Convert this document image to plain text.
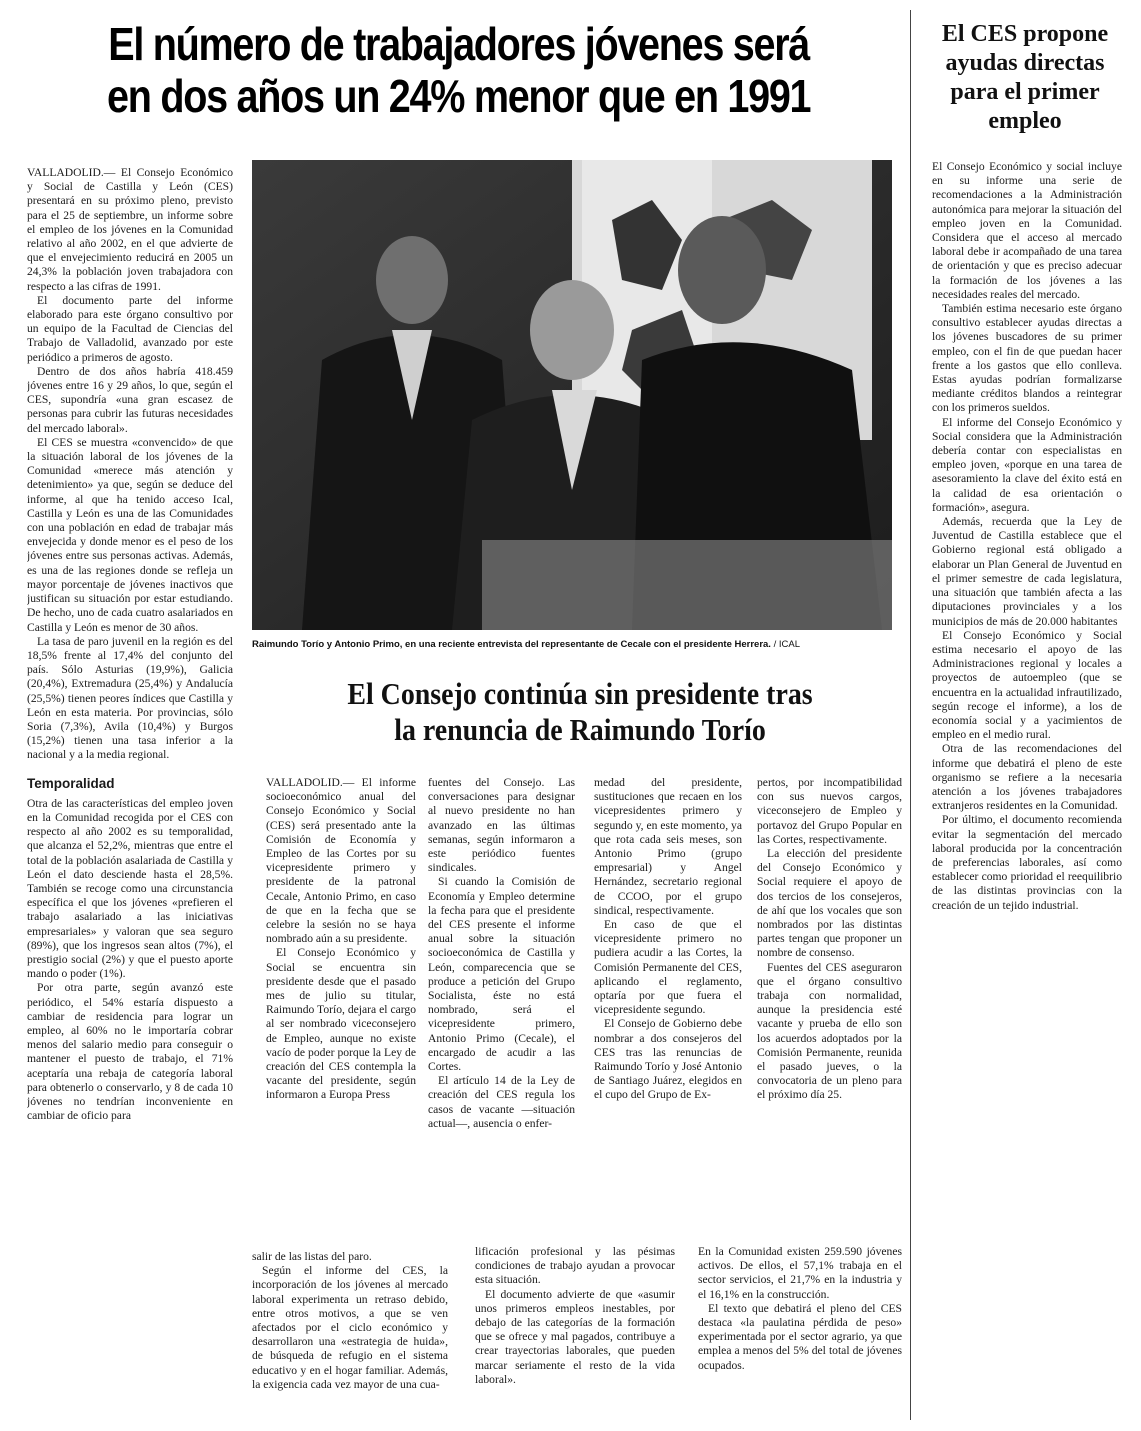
El número de trabajadores jóvenes será
en dos años un 24% menor que en 1991
El CES propone ayudas directas para el primer empleo

El Consejo Económico y social incluye en su informe una serie de recomendaciones a la Administración autonómica para mejorar la situación del empleo joven en la Comunidad. Considera que el acceso al mercado laboral debe ir acompañado de una tarea de orientación y que es preciso adecuar la formación de los jóvenes a las necesidades reales del mercado.

También estima necesario este órgano consultivo establecer ayudas directas a los jóvenes buscadores de su primer empleo, con el fin de que puedan hacer frente a los gastos que ello conlleva. Estas ayudas podrían formalizarse mediante créditos blandos a reintegrar con los primeros sueldos.

El informe del Consejo Económico y Social considera que la Administración debería contar con especialistas en empleo joven, «porque en una tarea de asesoramiento la clave del éxito está en la calidad de esa orientación o formación», asegura.

Además, recuerda que la Ley de Juventud de Castilla establece que el Gobierno regional está obligado a elaborar un Plan General de Juventud en el primer semestre de cada legislatura, una situación que también afecta a las diputaciones provinciales y a los municipios de más de 20.000 habitantes

El Consejo Económico y Social estima necesario el apoyo de las Administraciones regional y locales a proyectos de autoempleo (que se encuentra en la actualidad infrautilizado, según recoge el informe), a los de economía social y a yacimientos de empleo en el medio rural.

Otra de las recomendaciones del informe que debatirá el pleno de este organismo se refiere a la necesaria atención a los jóvenes trabajadores extranjeros residentes en la Comunidad.

Por último, el documento recomienda evitar la segmentación del mercado laboral producida por la concentración de preferencias laborales, así como establecer como prioridad el reequilibrio de las distintas provincias con la creación de un tejido industrial.

VALLADOLID.— El Consejo Económico y Social de Castilla y León (CES) presentará en su próximo pleno, previsto para el 25 de septiembre, un informe sobre el empleo de los jóvenes en la Comunidad relativo al año 2002, en el que advierte de que el envejecimiento reducirá en 2005 un 24,3% la población joven trabajadora con respecto a las cifras de 1991.

El documento parte del informe elaborado para este órgano consultivo por un equipo de la Facultad de Ciencias del Trabajo de Valladolid, avanzado por este periódico a primeros de agosto.

Dentro de dos años habría 418.459 jóvenes entre 16 y 29 años, lo que, según el CES, supondría «una gran escasez de personas para cubrir las futuras necesidades del mercado laboral».

El CES se muestra «convencido» de que la situación laboral de los jóvenes de la Comunidad «merece más atención y detenimiento» ya que, según se deduce del informe, al que ha tenido acceso Ical, Castilla y León es una de las Comunidades con una población en edad de trabajar más envejecida y donde menor es el peso de los jóvenes entre sus personas activas. Además, es una de las regiones donde se refleja un mayor porcentaje de jóvenes inactivos que justifican su situación por estar estudiando. De hecho, uno de cada cuatro asalariados en Castilla y León es menor de 30 años.

La tasa de paro juvenil en la región es del 18,5% frente al 17,4% del conjunto del país. Sólo Asturias (19,9%), Galicia (20,4%), Extremadura (25,4%) y Andalucía (25,5%) tienen peores índices que Castilla y León en esta materia. Por provincias, sólo Soria (7,3%), Avila (10,4%) y Burgos (15,2%) tienen una tasa inferior a la nacional y a la media regional.

Temporalidad

Otra de las características del empleo joven en la Comunidad recogida por el CES con respecto al año 2002 es su temporalidad, que alcanza el 52,2%, mientras que entre el total de la población asalariada de Castilla y León el dato desciende hasta el 28,5%. También se recoge como una circunstancia específica el que los jóvenes «prefieren el trabajo asalariado a las iniciativas empresariales» y valoran que sea seguro (89%), que los ingresos sean altos (7%), el prestigio social (2%) y que el puesto aporte mando o poder (1%).

Por otra parte, según avanzó este periódico, el 54% estaría dispuesto a cambiar de residencia para lograr un empleo, al 60% no le importaría cobrar menos del salario medio para conseguir o mantener el puesto de trabajo, el 71% aceptaría una rebaja de categoría laboral para obtenerlo o conservarlo, y 8 de cada 10 jóvenes no tendrían inconveniente en cambiar de oficio para

Raimundo Torío y Antonio Primo, en una reciente entrevista del representante de Cecale con el presidente Herrera. / ICAL
El Consejo continúa sin presidente tras
la renuncia de Raimundo Torío

VALLADOLID.— El informe socioeconómico anual del Consejo Económico y Social (CES) será presentado ante la Comisión de Economía y Empleo de las Cortes por su vicepresidente primero y presidente de la patronal Cecale, Antonio Primo, en caso de que en la fecha que se celebre la sesión no se haya nombrado aún a su presidente.

El Consejo Económico y Social se encuentra sin presidente desde que el pasado mes de julio su titular, Raimundo Torío, dejara el cargo al ser nombrado viceconsejero de Empleo, aunque no existe vacío de poder porque la Ley de creación del CES contempla la vacante del presidente, según informaron a Europa Press

fuentes del Consejo. Las conversaciones para designar al nuevo presidente no han avanzado en las últimas semanas, según informaron a este periódico fuentes sindicales.

Si cuando la Comisión de Economía y Empleo determine la fecha para que el presidente del CES presente el informe anual sobre la situación socioeconómica de Castilla y León, comparecencia que se produce a petición del Grupo Socialista, éste no está nombrado, será el vicepresidente primero, Antonio Primo (Cecale), el encargado de acudir a las Cortes.

El artículo 14 de la Ley de creación del CES regula los casos de vacante —situación actual—, ausencia o enfer-

medad del presidente, sustituciones que recaen en los vicepresidentes primero y segundo y, en este momento, ya que rota cada seis meses, son Antonio Primo (grupo empresarial) y Angel Hernández, secretario regional de CCOO, por el grupo sindical, respectivamente.

En caso de que el vicepresidente primero no pudiera acudir a las Cortes, la Comisión Permanente del CES, aplicando el reglamento, optaría por que fuera el vicepresidente segundo.

El Consejo de Gobierno debe nombrar a dos consejeros del CES tras las renuncias de Raimundo Torío y José Antonio de Santiago Juárez, elegidos en el cupo del Grupo de Ex-

pertos, por incompatibilidad con sus nuevos cargos, viceconsejero de Empleo y portavoz del Grupo Popular en las Cortes, respectivamente.

La elección del presidente del Consejo Económico y Social requiere el apoyo de dos tercios de los consejeros, de ahí que los vocales que son nombrados por las distintas partes tengan que proponer un nombre de consenso.

Fuentes del CES aseguraron que el órgano consultivo trabaja con normalidad, aunque la presidencia esté vacante y prueba de ello son los acuerdos adoptados por la Comisión Permanente, reunida el pasado jueves, o la convocatoria de un pleno para el próximo día 25.

salir de las listas del paro.

Según el informe del CES, la incorporación de los jóvenes al mercado laboral experimenta un retraso debido, entre otros motivos, a que se ven afectados por el ciclo económico y desarrollaron una «estrategia de huida», de búsqueda de refugio en el sistema educativo y en el hogar familiar. Además, la exigencia cada vez mayor de una cua-

lificación profesional y las pésimas condiciones de trabajo ayudan a provocar esta situación.

El documento advierte de que «asumir unos primeros empleos inestables, por debajo de las categorías de la formación que se ofrece y mal pagados, contribuye a crear trayectorias laborales, que pueden marcar seriamente el resto de la vida laboral».

En la Comunidad existen 259.590 jóvenes activos. De ellos, el 57,1% trabaja en el sector servicios, el 21,7% en la industria y el 16,1% en la construcción.

El texto que debatirá el pleno del CES destaca «la paulatina pérdida de peso» experimentada por el sector agrario, ya que emplea a menos del 5% del total de jóvenes ocupados.
